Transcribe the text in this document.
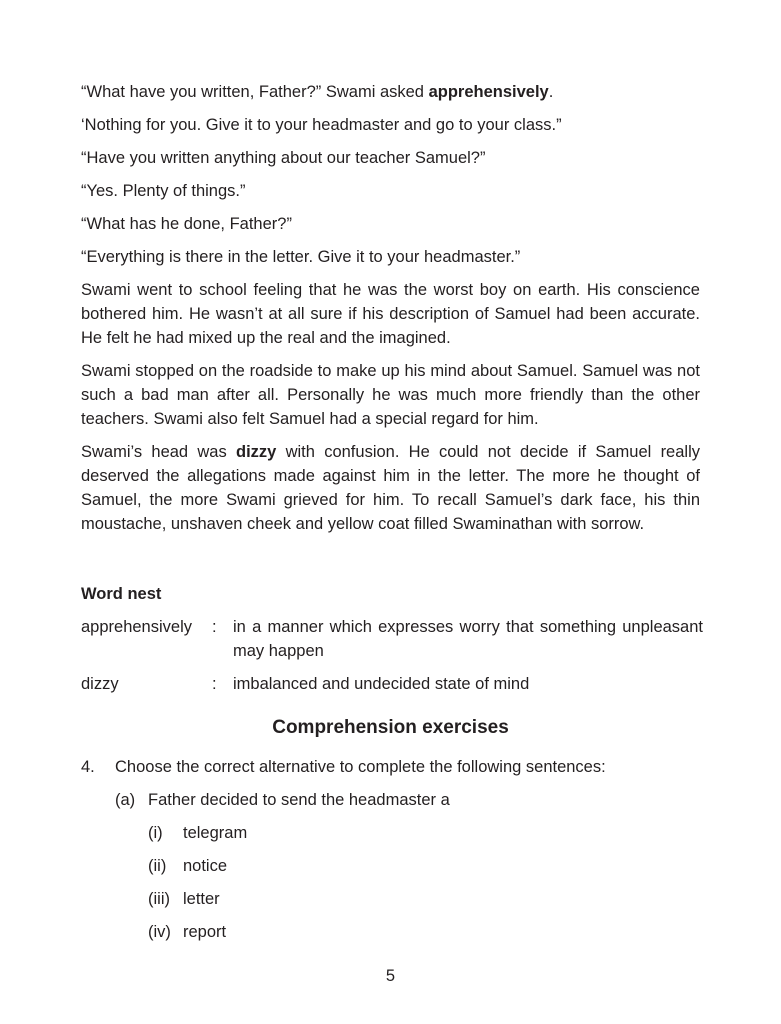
“What have you written, Father?” Swami asked apprehensively.
‘Nothing for you. Give it to your headmaster and go to your class.”
“Have you written anything about our teacher Samuel?”
“Yes. Plenty of things.”
“What has he done, Father?”
“Everything is there in the letter. Give it to your headmaster.”
Swami went to school feeling that he was the worst boy on earth. His conscience bothered him. He wasn’t at all sure if his description of Samuel had been accurate. He felt he had mixed up the real and the imagined.
Swami stopped on the roadside to make up his mind about Samuel. Samuel was not such a bad man after all. Personally he was much more friendly than the other teachers. Swami also felt Samuel had a special regard for him.
Swami’s head was dizzy with confusion. He could not decide if Samuel really deserved the allegations made against him in the letter. The more he thought of Samuel, the more Swami grieved for him. To recall Samuel’s dark face, his thin moustache, unshaven cheek and yellow coat filled Swaminathan with sorrow.
Word nest
apprehensively : in a manner which expresses worry that something unpleasant may happen
dizzy	: imbalanced and undecided state of mind
Comprehension exercises
4. Choose the correct alternative to complete the following sentences:
(a) Father decided to send the headmaster a
(i) telegram
(ii) notice
(iii) letter
(iv) report
5
